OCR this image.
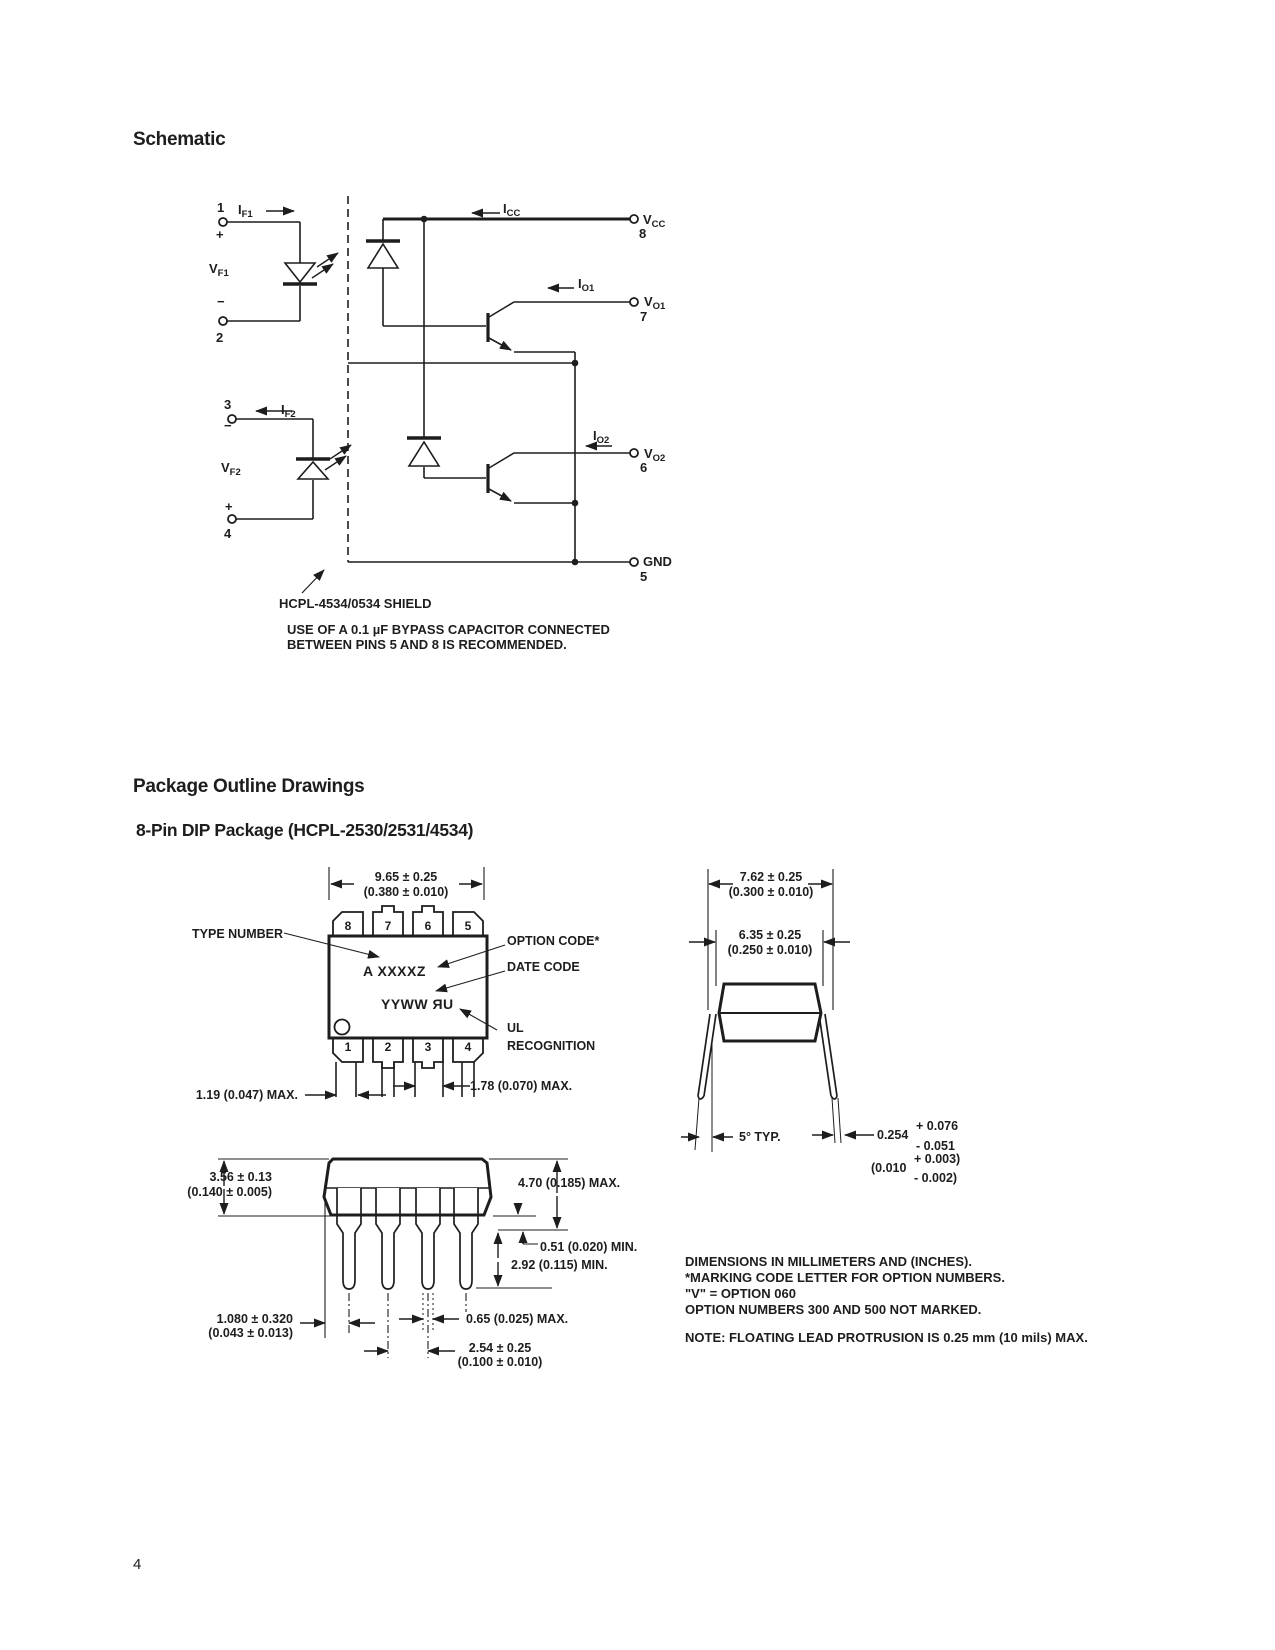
Schematic
1 $I_{F1}$
+
$V_{F1}$
−
2
3	$I_{F2}$
−
$V_{F2}$
+
4
$I_{CC}$	$V_{CC}$
8
$I_{O1}$
$V_{O1}$
7
$I_{O2}$
$V_{O2}$
6
GND
5
HCPL-4534/0534 SHIELD
USE OF A 0.1 µF BYPASS CAPACITOR CONNECTED
BETWEEN PINS 5 AND 8 IS RECOMMENDED.
Package Outline Drawings
8-Pin DIP Package (HCPL-2530/2531/4534)
9.65 ± 0.25
(0.380 ± 0.010)
TYPE NUMBER	OPTION CODE*
DATE CODE
UL
RECOGNITION
A XXXXZ
YYWW ЯU
8	7	6	5
1	2	3	4
1.19 (0.047) MAX.
1.78 (0.070) MAX.
3.56 ± 0.13
(0.140 ± 0.005)
4.70 (0.185) MAX.
0.51 (0.020) MIN.
2.92 (0.115) MIN.
1.080 ± 0.320
(0.043 ± 0.013)
0.65 (0.025) MAX.
2.54 ± 0.25
(0.100 ± 0.010)
7.62 ± 0.25
(0.300 ± 0.010)
6.35 ± 0.25
(0.250 ± 0.010)
5° TYP.	0.254
+ 0.076
- 0.051
(0.010
+ 0.003)
- 0.002)
DIMENSIONS IN MILLIMETERS AND (INCHES).
*MARKING CODE LETTER FOR OPTION NUMBERS.
"V" = OPTION 060
OPTION NUMBERS 300 AND 500 NOT MARKED.
NOTE: FLOATING LEAD PROTRUSION IS 0.25 mm (10 mils) MAX.
4
